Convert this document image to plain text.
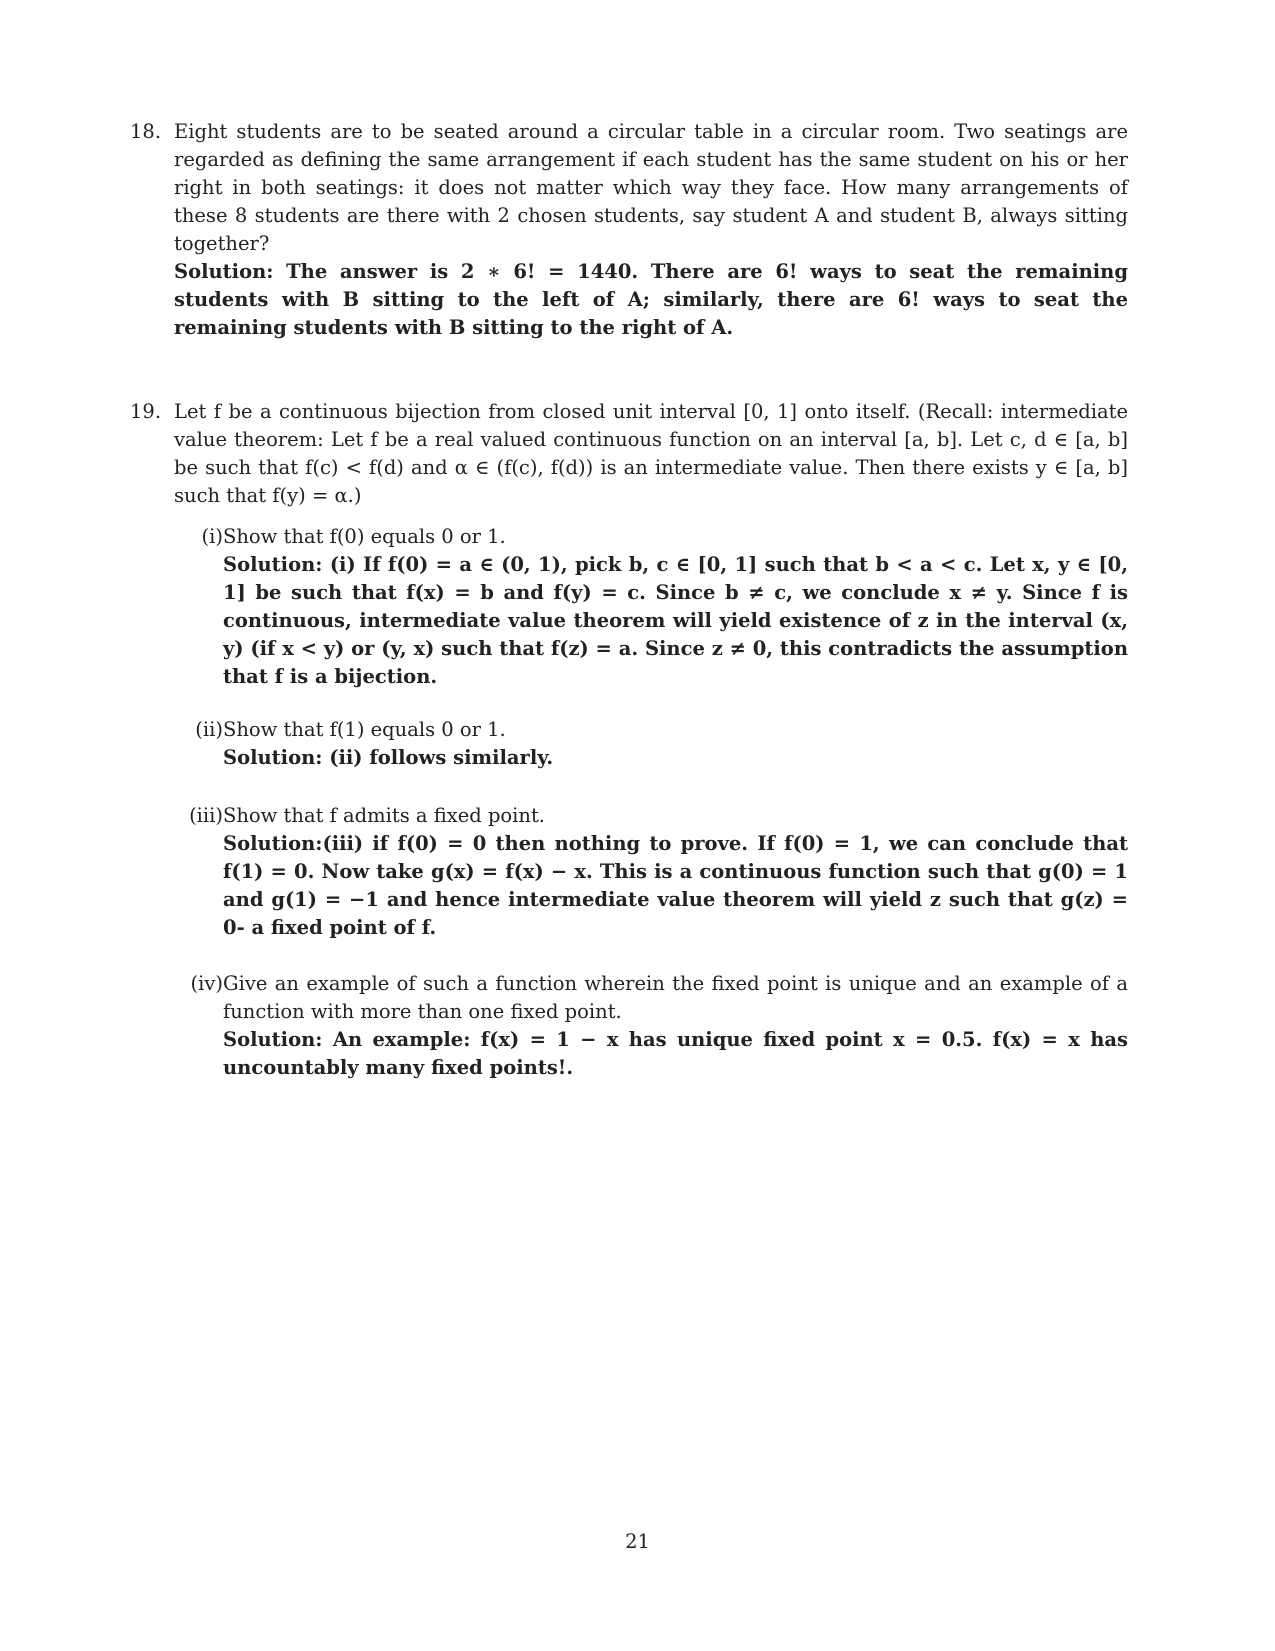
18. Eight students are to be seated around a circular table in a circular room. Two seatings are regarded as defining the same arrangement if each student has the same student on his or her right in both seatings: it does not matter which way they face. How many arrangements of these 8 students are there with 2 chosen students, say student A and student B, always sitting together?
Solution: The answer is 2 ∗ 6! = 1440. There are 6! ways to seat the remaining students with B sitting to the left of A; similarly, there are 6! ways to seat the remaining students with B sitting to the right of A.
19. Let f be a continuous bijection from closed unit interval [0, 1] onto itself. (Recall: intermediate value theorem: Let f be a real valued continuous function on an interval [a, b]. Let c, d ∈ [a, b] be such that f(c) < f(d) and α ∈ (f(c), f(d)) is an intermediate value. Then there exists y ∈ [a, b] such that f(y) = α.)
(i) Show that f(0) equals 0 or 1.
Solution: (i) If f(0) = a ∈ (0, 1), pick b, c ∈ [0, 1] such that b < a < c. Let x, y ∈ [0, 1] be such that f(x) = b and f(y) = c. Since b ≠ c, we conclude x ≠ y. Since f is continuous, intermediate value theorem will yield existence of z in the interval (x, y) (if x < y) or (y, x) such that f(z) = a. Since z ≠ 0, this contradicts the assumption that f is a bijection.
(ii) Show that f(1) equals 0 or 1.
Solution: (ii) follows similarly.
(iii) Show that f admits a fixed point.
Solution:(iii) if f(0) = 0 then nothing to prove. If f(0) = 1, we can conclude that f(1) = 0. Now take g(x) = f(x) − x. This is a continuous function such that g(0) = 1 and g(1) = −1 and hence intermediate value theorem will yield z such that g(z) = 0- a fixed point of f.
(iv) Give an example of such a function wherein the fixed point is unique and an example of a function with more than one fixed point.
Solution: An example: f(x) = 1 − x has unique fixed point x = 0.5. f(x) = x has uncountably many fixed points!.
21
